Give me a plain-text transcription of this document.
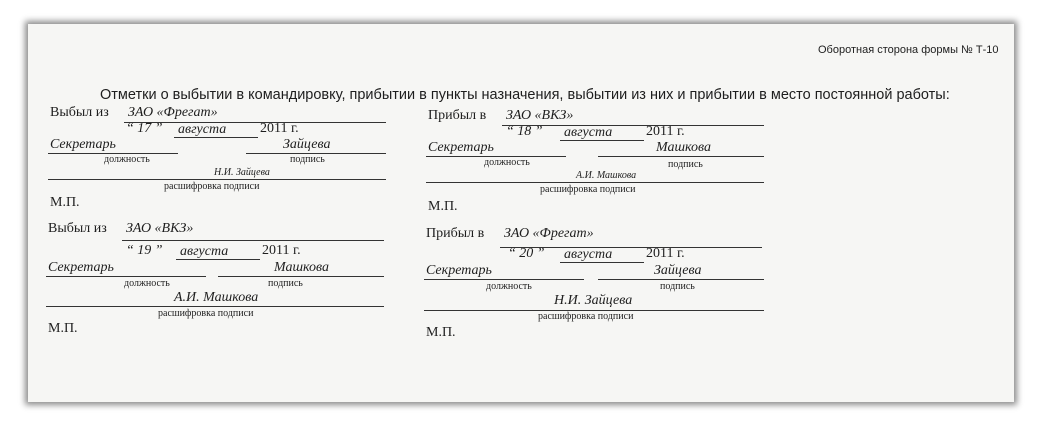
Оборотная сторона формы № Т-10
Отметки о выбытии в командировку, прибытии в пункты назначения, выбытии из них и прибытии в место постоянной работы:
Выбыл из ЗАО «Фрегат»
“ 17 ” августа 2011 г.
Секретарь	Зайцева
должность	подпись
Н.И. Зайцева
расшифровка подписи
М.П.
Прибыл в ЗАО «ВКЗ»
“ 18 ” августа 2011 г.
Секретарь	Машкова
должность	подпись
А.И. Машкова
расшифровка подписи
М.П.
Выбыл из ЗАО «ВКЗ»
“ 19 ” августа 2011 г.
Секретарь	Машкова
должность	подпись
А.И. Машкова
расшифровка подписи
М.П.
Прибыл в ЗАО «Фрегат»
“ 20 ” августа 2011 г.
Секретарь	Зайцева
должность	подпись
Н.И. Зайцева
расшифровка подписи
М.П.
